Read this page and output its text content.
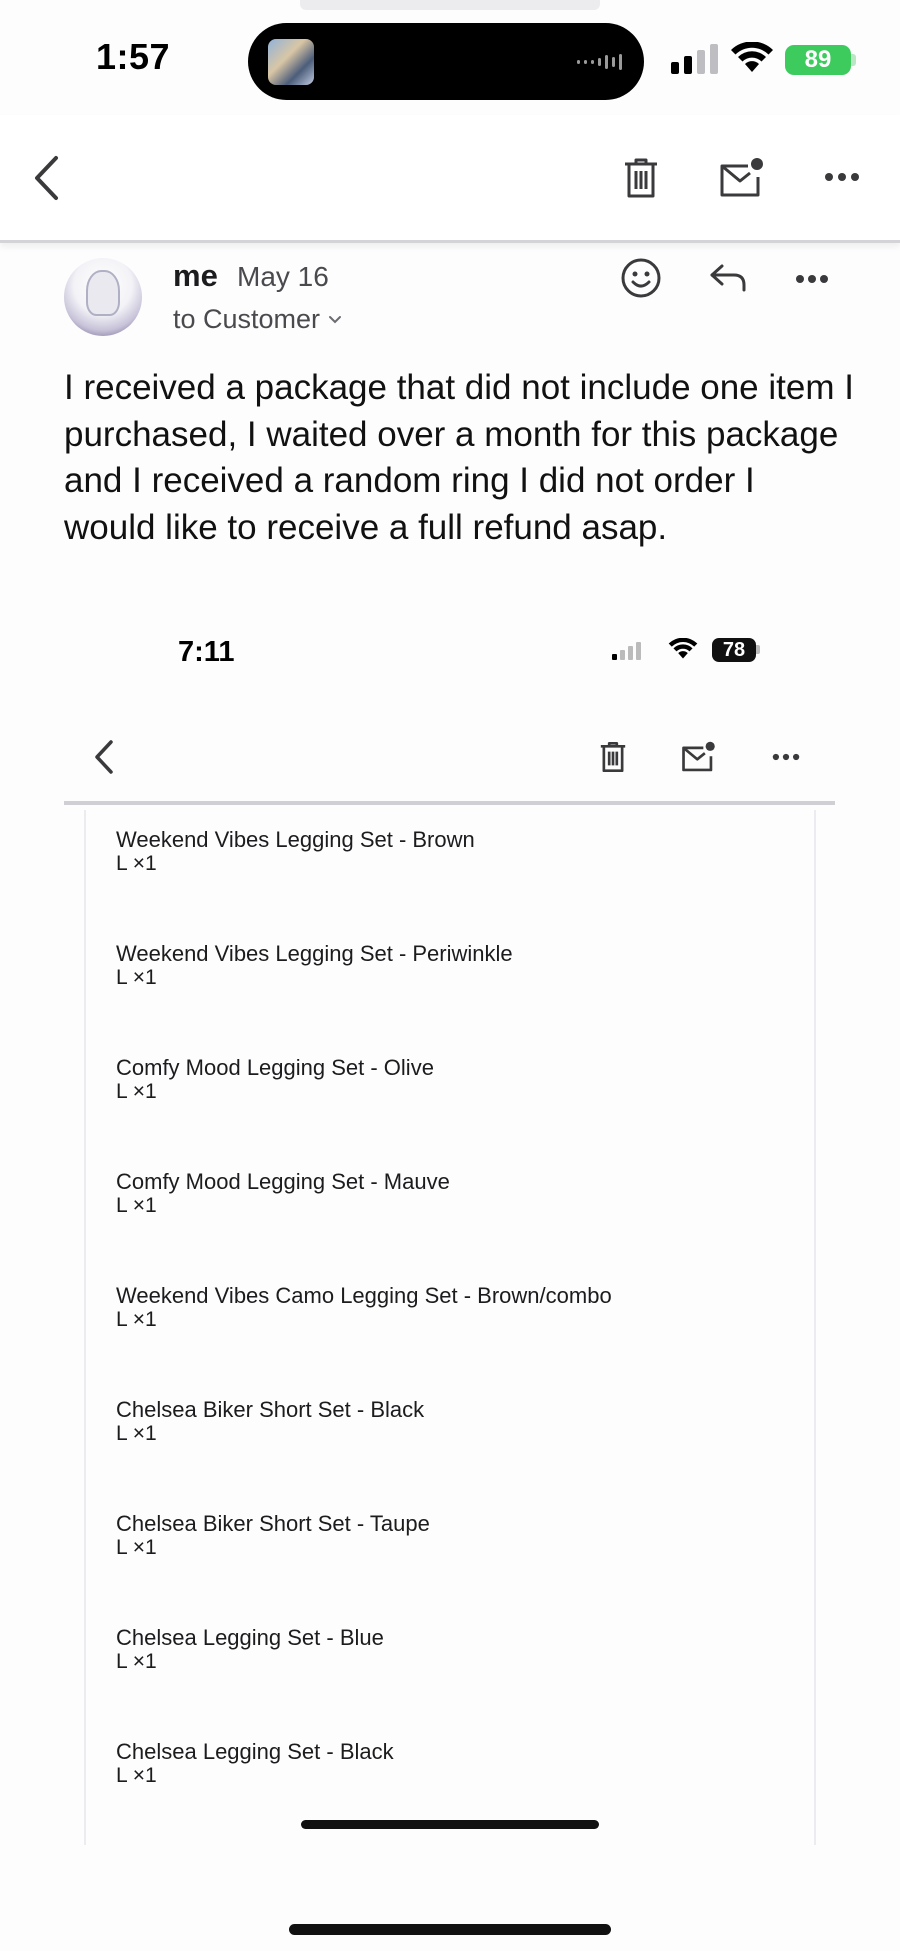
1:57	89
me May 16
to Customer
I received a package that did not include one item I purchased, I waited over a month for this package and I received a random ring I did not order I would like to receive a full refund asap.
7:11	78
Weekend Vibes Legging Set - Brown
L ×1
Weekend Vibes Legging Set - Periwinkle
L ×1
Comfy Mood Legging Set - Olive
L ×1
Comfy Mood Legging Set - Mauve
L ×1
Weekend Vibes Camo Legging Set - Brown/combo
L ×1
Chelsea Biker Short Set - Black
L ×1
Chelsea Biker Short Set - Taupe
L ×1
Chelsea Legging Set - Blue
L ×1
Chelsea Legging Set - Black
L ×1
